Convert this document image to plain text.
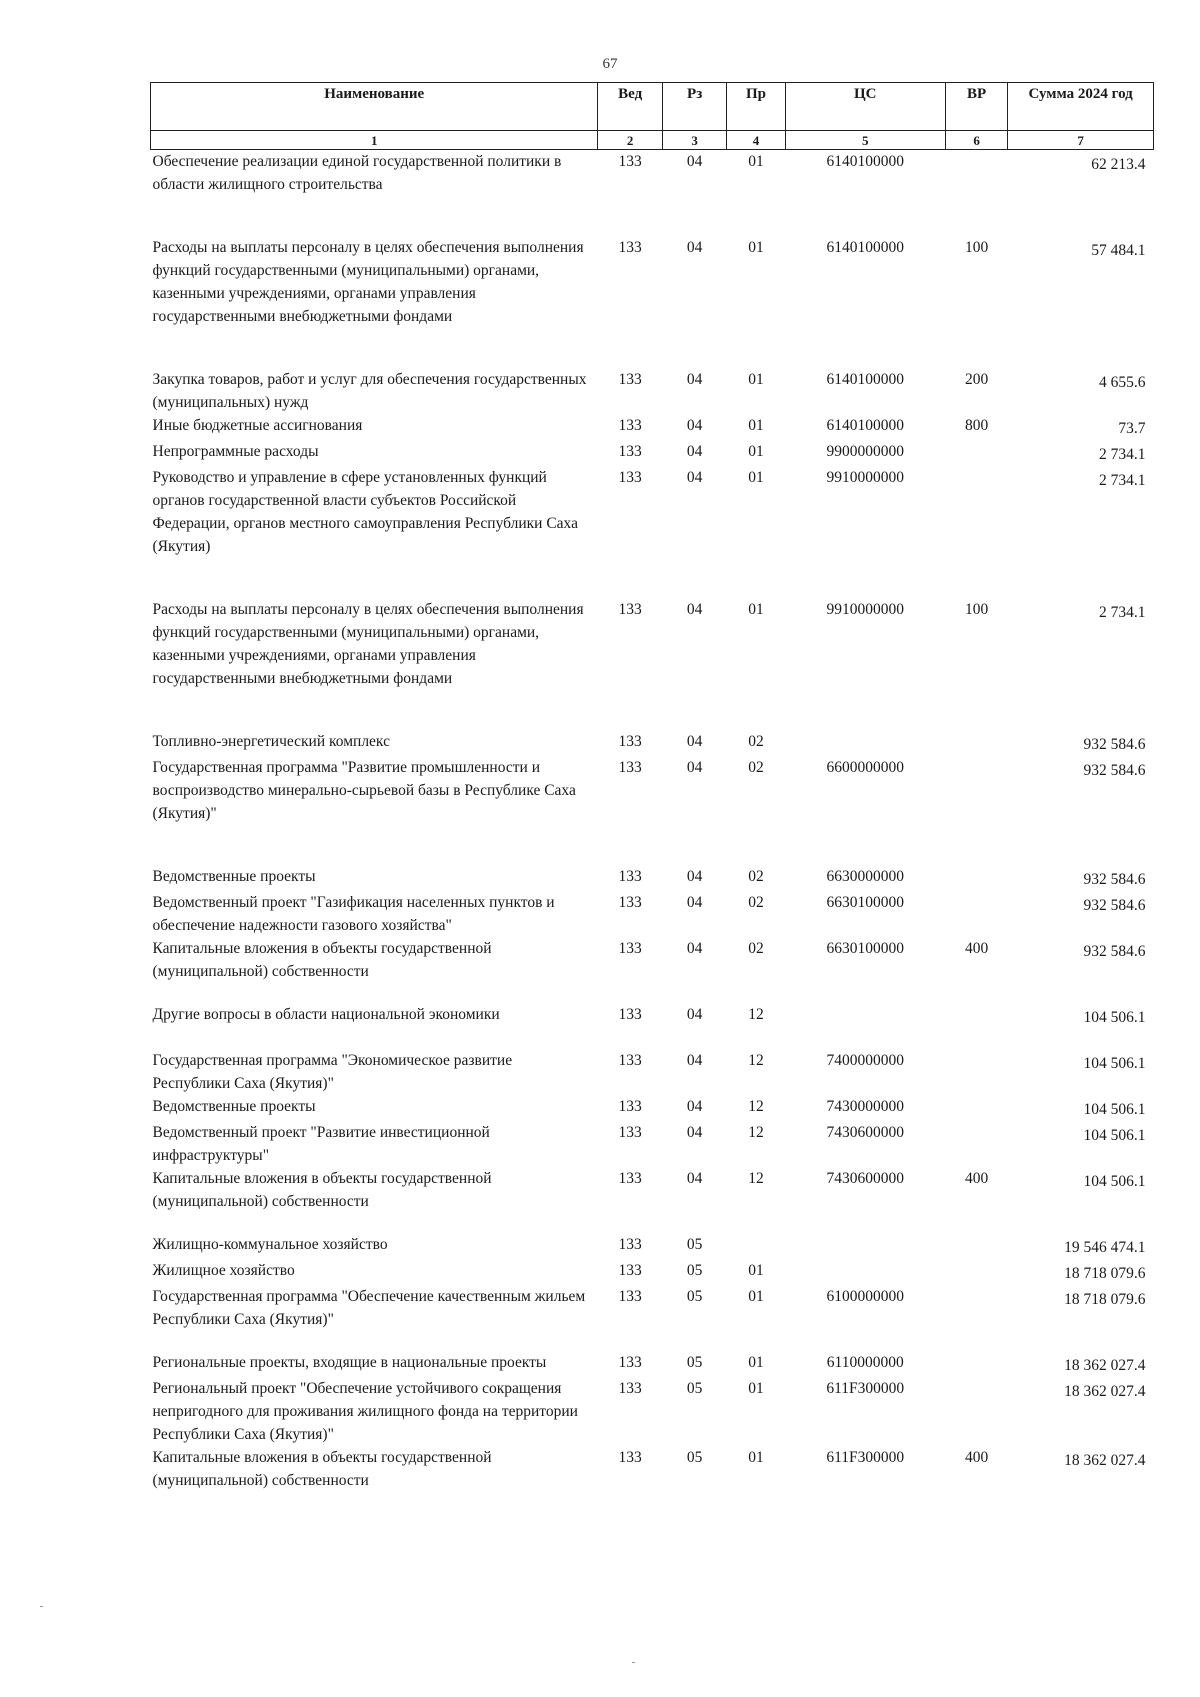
67
Наименование	Вед	Рз	Пр	ЦС	ВР	Сумма 2024 год
1	2	3	4	5	6	7
Обеспечение реализации единой государственной политики в области жилищного строительства	133	04	01	6140100000		62 213.4
Расходы на выплаты персоналу в целях обеспечения выполнения функций государственными (муниципальными) органами, казенными учреждениями, органами управления государственными внебюджетными фондами	133	04	01	6140100000	100	57 484.1
Закупка товаров, работ и услуг для обеспечения государственных (муниципальных) нужд	133	04	01	6140100000	200	4 655.6
Иные бюджетные ассигнования	133	04	01	6140100000	800	73.7
Непрограммные расходы	133	04	01	9900000000		2 734.1
Руководство и управление в сфере установленных функций органов государственной власти субъектов Российской Федерации, органов местного самоуправления Республики Саха (Якутия)	133	04	01	9910000000		2 734.1
Расходы на выплаты персоналу в целях обеспечения выполнения функций государственными (муниципальными) органами, казенными учреждениями, органами управления государственными внебюджетными фондами	133	04	01	9910000000	100	2 734.1
Топливно-энергетический комплекс	133	04	02			932 584.6
Государственная программа "Развитие промышленности и воспроизводство минерально-сырьевой базы в Республике Саха (Якутия)"	133	04	02	6600000000		932 584.6
Ведомственные проекты	133	04	02	6630000000		932 584.6
Ведомственный проект "Газификация населенных пунктов и обеспечение надежности газового хозяйства"	133	04	02	6630100000		932 584.6
Капитальные вложения в объекты государственной (муниципальной) собственности	133	04	02	6630100000	400	932 584.6
Другие вопросы в области национальной экономики	133	04	12			104 506.1
Государственная программа "Экономическое развитие Республики Саха (Якутия)"	133	04	12	7400000000		104 506.1
Ведомственные проекты	133	04	12	7430000000		104 506.1
Ведомственный проект "Развитие инвестиционной инфраструктуры"	133	04	12	7430600000		104 506.1
Капитальные вложения в объекты государственной (муниципальной) собственности	133	04	12	7430600000	400	104 506.1
Жилищно-коммунальное хозяйство	133	05				19 546 474.1
Жилищное хозяйство	133	05	01			18 718 079.6
Государственная программа "Обеспечение качественным жильем Республики Саха (Якутия)"	133	05	01	6100000000		18 718 079.6
Региональные проекты, входящие в национальные проекты	133	05	01	6110000000		18 362 027.4
Региональный проект "Обеспечение устойчивого сокращения непригодного для проживания жилищного фонда на территории Республики Саха (Якутия)"	133	05	01	611F300000		18 362 027.4
Капитальные вложения в объекты государственной (муниципальной) собственности	133	05	01	611F300000	400	18 362 027.4
